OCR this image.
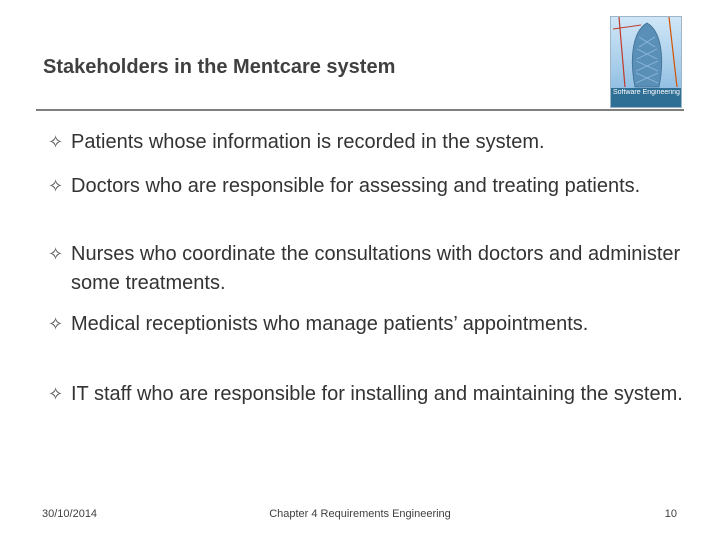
Stakeholders in the Mentcare system
Software Engineering
✧ Patients whose information is recorded in the system.
✧ Doctors who are responsible for assessing and treating patients.
✧ Nurses who coordinate the consultations with doctors and administer some treatments.
✧ Medical receptionists who manage patients’ appointments.
✧ IT staff who are responsible for installing and maintaining the system.
30/10/2014	Chapter 4 Requirements Engineering	10
